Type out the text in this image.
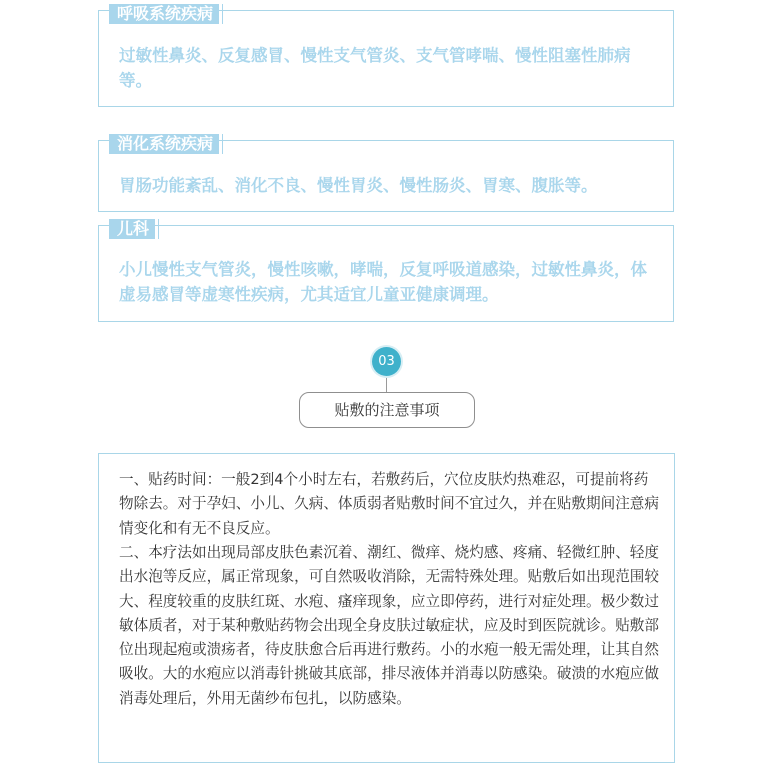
呼吸系统疾病

过敏性鼻炎、反复感冒、慢性支气管炎、支气管哮喘、慢性阻塞性肺病等。

消化系统疾病

胃肠功能紊乱、消化不良、慢性胃炎、慢性肠炎、胃寒、腹胀等。

儿科

小儿慢性支气管炎，慢性咳嗽，哮喘，反复呼吸道感染，过敏性鼻炎，体虚易感冒等虚寒性疾病，尤其适宜儿童亚健康调理。

03
贴敷的注意事项

一、贴药时间：一般2到4个小时左右，若敷药后，穴位皮肤灼热难忍，可提前将药物除去。对于孕妇、小儿、久病、体质弱者贴敷时间不宜过久，并在贴敷期间注意病情变化和有无不良反应。

二、本疗法如出现局部皮肤色素沉着、潮红、微痒、烧灼感、疼痛、轻微红肿、轻度出水泡等反应，属正常现象，可自然吸收消除，无需特殊处理。贴敷后如出现范围较大、程度较重的皮肤红斑、水疱、瘙痒现象，应立即停药，进行对症处理。极少数过敏体质者，对于某种敷贴药物会出现全身皮肤过敏症状，应及时到医院就诊。贴敷部位出现起疱或溃疡者，待皮肤愈合后再进行敷药。小的水疱一般无需处理，让其自然吸收。大的水疱应以消毒针挑破其底部，排尽液体并消毒以防感染。破溃的水疱应做消毒处理后，外用无菌纱布包扎，以防感染。
